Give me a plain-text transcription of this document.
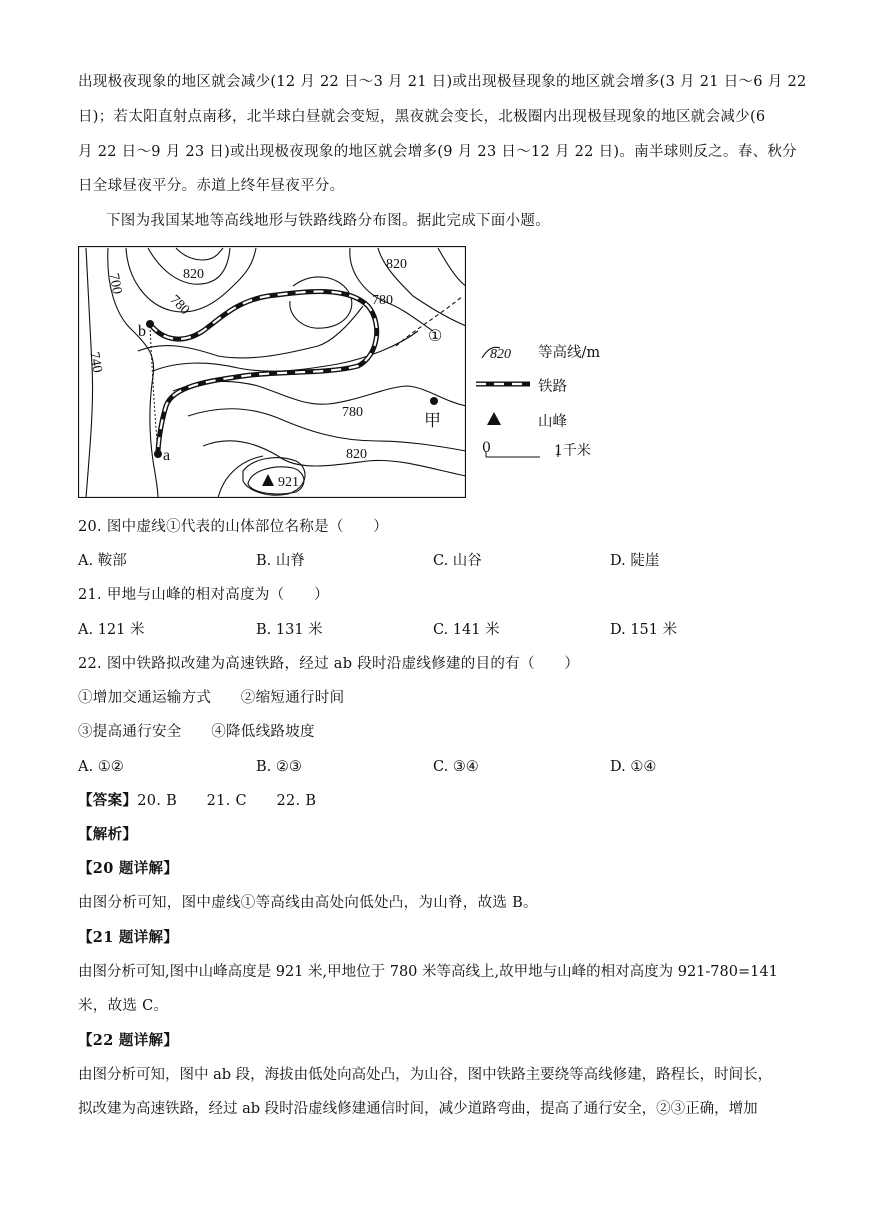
出现极夜现象的地区就会减少(12 月 22 日～3 月 21 日)或出现极昼现象的地区就会增多(3 月 21 日～6 月 22
日)；若太阳直射点南移，北半球白昼就会变短，黑夜就会变长，北极圈内出现极昼现象的地区就会减少(6
月 22 日～9 月 23 日)或出现极夜现象的地区就会增多(9 月 23 日～12 月 22 日)。南半球则反之。春、秋分
日全球昼夜平分。赤道上终年昼夜平分。
下图为我国某地等高线地形与铁路线路分布图。据此完成下面小题。
820
780
700
740
820
780
780
820
921
a
b
甲
①
820 等高线/m
铁路
山峰
0	1千米
20. 图中虚线①代表的山体部位名称是（　　）
A. 鞍部	B. 山脊	C. 山谷	D. 陡崖
21. 甲地与山峰的相对高度为（　　）
A. 121 米	B. 131 米	C. 141 米	D. 151 米
22. 图中铁路拟改建为高速铁路，经过 ab 段时沿虚线修建的目的有（　　）
①增加交通运输方式　　②缩短通行时间
③提高通行安全　　④降低线路坡度
A. ①②	B. ②③	C. ③④	D. ①④
【答案】20. B　　21. C　　22. B
【解析】
【20 题详解】
由图分析可知，图中虚线①等高线由高处向低处凸，为山脊，故选 B。
【21 题详解】
由图分析可知,图中山峰高度是 921 米,甲地位于 780 米等高线上,故甲地与山峰的相对高度为 921-780=141
米，故选 C。
【22 题详解】
由图分析可知，图中 ab 段，海拔由低处向高处凸，为山谷，图中铁路主要绕等高线修建，路程长，时间长，
拟改建为高速铁路，经过 ab 段时沿虚线修建通信时间，减少道路弯曲，提高了通行安全，②③正确，增加
